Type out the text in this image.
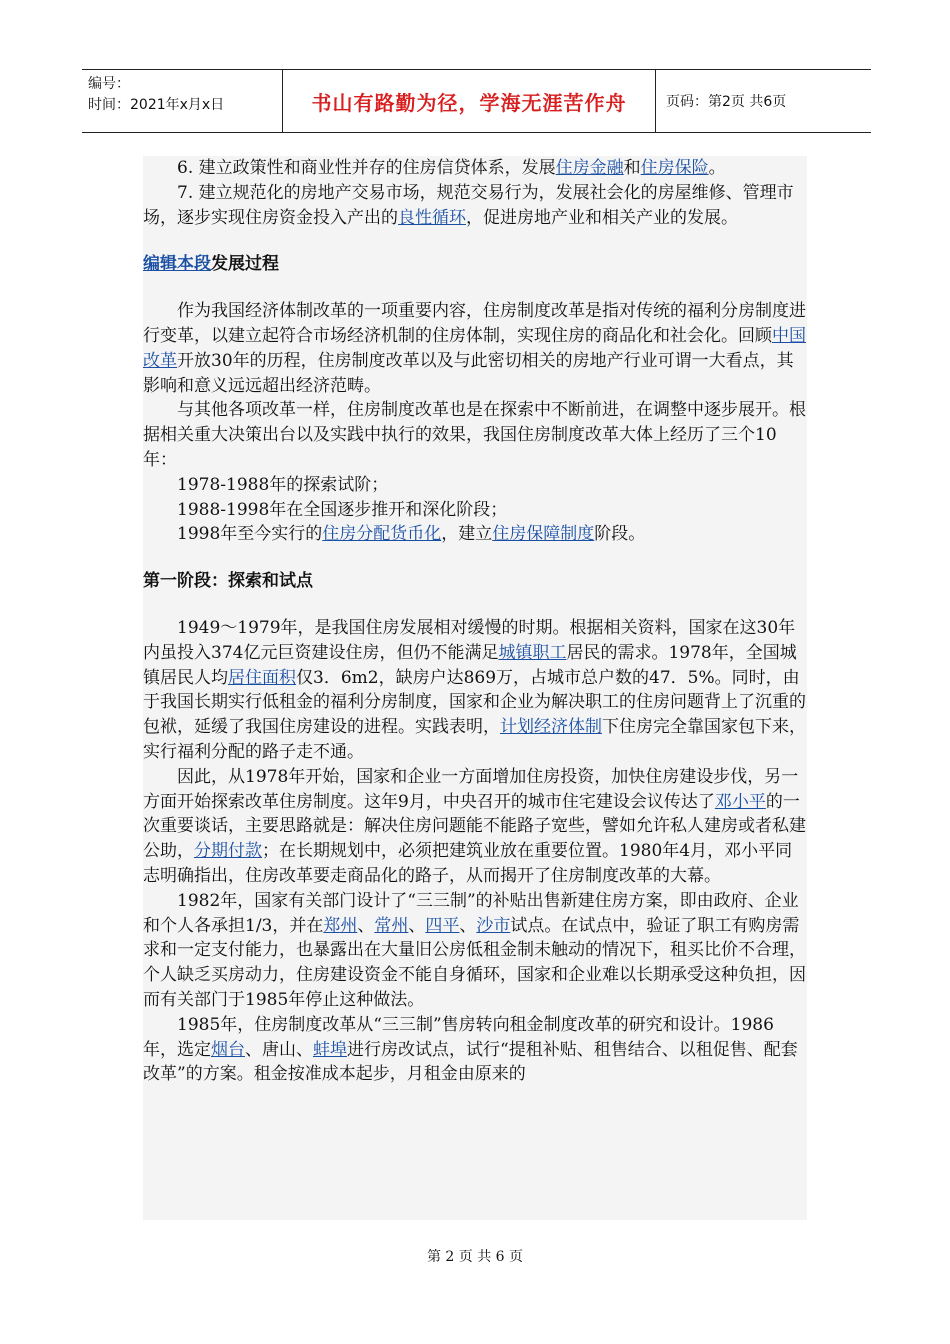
编号：
时间：2021年x月x日	书山有路勤为径，学海无涯苦作舟	页码：第2页 共6页

6. 建立政策性和商业性并存的住房信贷体系，发展住房金融和住房保险。

7. 建立规范化的房地产交易市场，规范交易行为，发展社会化的房屋维修、管理市场，逐步实现住房资金投入产出的良性循环，促进房地产业和相关产业的发展。

编辑本段发展过程

作为我国经济体制改革的一项重要内容，住房制度改革是指对传统的福利分房制度进行变革，以建立起符合市场经济机制的住房体制，实现住房的商品化和社会化。回顾中国改革开放30年的历程，住房制度改革以及与此密切相关的房地产行业可谓一大看点，其影响和意义远远超出经济范畴。

与其他各项改革一样，住房制度改革也是在探索中不断前进，在调整中逐步展开。根据相关重大决策出台以及实践中执行的效果，我国住房制度改革大体上经历了三个10年：

1978-1988年的探索试阶；

1988-1998年在全国逐步推开和深化阶段；

1998年至今实行的住房分配货币化，建立住房保障制度阶段。

第一阶段：探索和试点

1949～1979年，是我国住房发展相对缓慢的时期。根据相关资料，国家在这30年内虽投入374亿元巨资建设住房，但仍不能满足城镇职工居民的需求。1978年，全国城镇居民人均居住面积仅3．6m2，缺房户达869万，占城市总户数的47．5%。同时，由于我国长期实行低租金的福利分房制度，国家和企业为解决职工的住房问题背上了沉重的包袱，延缓了我国住房建设的进程。实践表明，计划经济体制下住房完全靠国家包下来，实行福利分配的路子走不通。

因此，从1978年开始，国家和企业一方面增加住房投资，加快住房建设步伐，另一方面开始探索改革住房制度。这年9月，中央召开的城市住宅建设会议传达了邓小平的一次重要谈话，主要思路就是：解决住房问题能不能路子宽些，譬如允许私人建房或者私建公助，分期付款；在长期规划中，必须把建筑业放在重要位置。1980年4月，邓小平同志明确指出，住房改革要走商品化的路子，从而揭开了住房制度改革的大幕。

1982年，国家有关部门设计了“三三制”的补贴出售新建住房方案，即由政府、企业和个人各承担1/3，并在郑州、常州、四平、沙市试点。在试点中，验证了职工有购房需求和一定支付能力，也暴露出在大量旧公房低租金制未触动的情况下，租买比价不合理，个人缺乏买房动力，住房建设资金不能自身循环，国家和企业难以长期承受这种负担，因而有关部门于1985年停止这种做法。

1985年，住房制度改革从“三三制”售房转向租金制度改革的研究和设计。1986年，选定烟台、唐山、蚌埠进行房改试点，试行“提租补贴、租售结合、以租促售、配套改革”的方案。租金按准成本起步，月租金由原来的

第 2 页 共 6 页
